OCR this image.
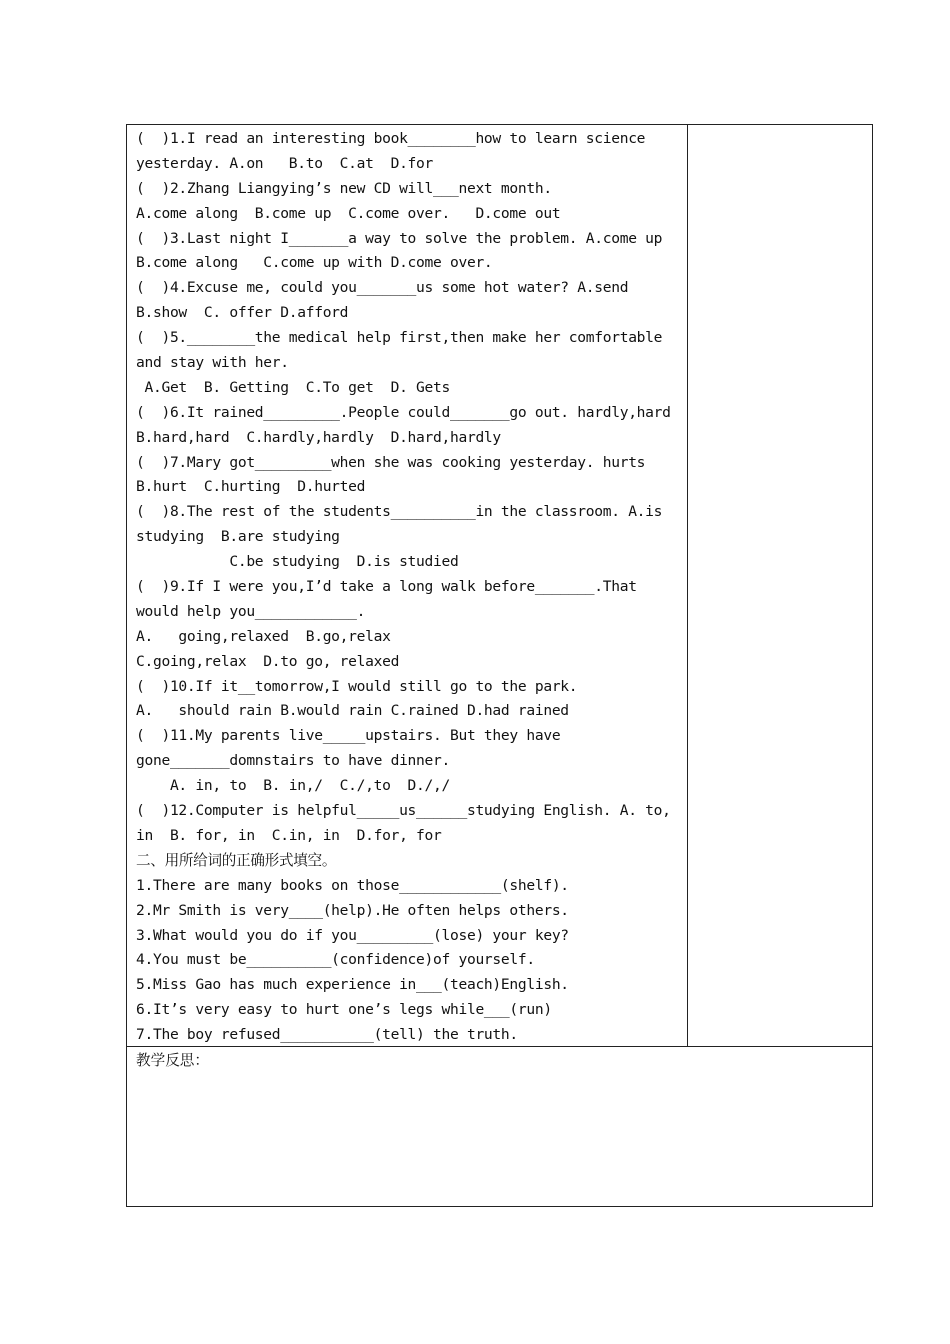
(  )1.I read an interesting book________how to learn science
yesterday. A.on   B.to  C.at  D.for
(  )2.Zhang Liangying’s new CD will___next month.
A.come along  B.come up  C.come over.   D.come out
(  )3.Last night I_______a way to solve the problem. A.come up
B.come along   C.come up with D.come over.
(  )4.Excuse me, could you_______us some hot water? A.send
B.show  C. offer D.afford
(  )5.________the medical help first,then make her comfortable
and stay with her.
A.Get  B. Getting  C.To get  D. Gets
(  )6.It rained_________.People could_______go out. hardly,hard
B.hard,hard  C.hardly,hardly  D.hard,hardly
(  )7.Mary got_________when she was cooking yesterday. hurts
B.hurt  C.hurting  D.hurted
(  )8.The rest of the students__________in the classroom. A.is
studying  B.are studying
C.be studying  D.is studied
(  )9.If I were you,I’d take a long walk before_______.That
would help you____________.
A.   going,relaxed  B.go,relax
C.going,relax  D.to go, relaxed
(  )10.If it__tomorrow,I would still go to the park.
A.   should rain B.would rain C.rained D.had rained
(  )11.My parents live_____upstairs. But they have
gone_______domnstairs to have dinner.
A. in, to  B. in,/  C./,to  D./,/
(  )12.Computer is helpful_____us______studying English. A. to,
in  B. for, in  C.in, in  D.for, for
二、用所给词的正确形式填空。
1.There are many books on those____________(shelf).
2.Mr Smith is very____(help).He often helps others.
3.What would you do if you_________(lose) your key?
4.You must be__________(confidence)of yourself.
5.Miss Gao has much experience in___(teach)English.
6.It’s very easy to hurt one’s legs while___(run)
7.The boy refused___________(tell) the truth.
教学反思：
